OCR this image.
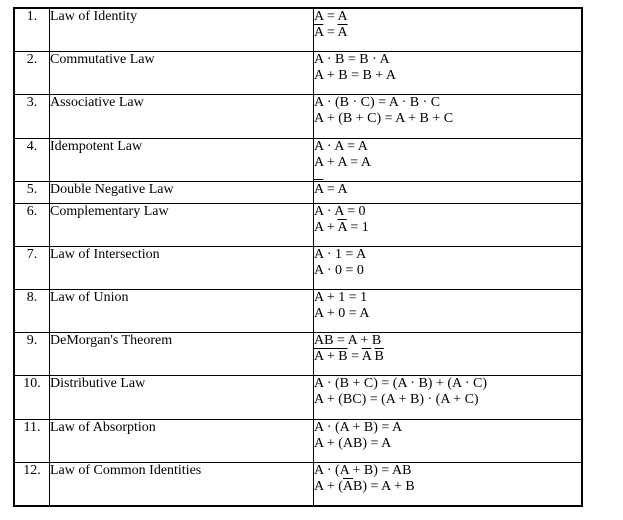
1.	Law of Identity	A = A
$\overline{A} = \overline{A}$

2.	Commutative Law	A · B = B · A
A + B = B + A

3.	Associative Law	A · (B · C) = A · B · C
A + (B + C) = A + B + C

4.	Idempotent Law	A · A = A
A + A = A

5.	Double Negative Law	A = A

6.	Complementary Law	$A \cdot \overline{A} = 0$
$A + \overline{A} = 1$

7.	Law of Intersection	A · 1 = A
A · 0 = 0

8.	Law of Union	A + 1 = 1
A + 0 = A

9.	DeMorgan's Theorem	$\overline{AB} = \overline{A} + \overline{B}$
$A + B = \overline{A}$ $\overline{B}$

10.	Distributive Law	A · (B + C) = (A · B) + (A · C)
A + (BC) = (A + B) · (A + C)

11.	Law of Absorption	A · (A + B) = A
A + (AB) = A

12.	Law of Common Identities	$A \cdot (\overline{A} + B)$ = AB
$A + (\overline{A}B) = A + B$
